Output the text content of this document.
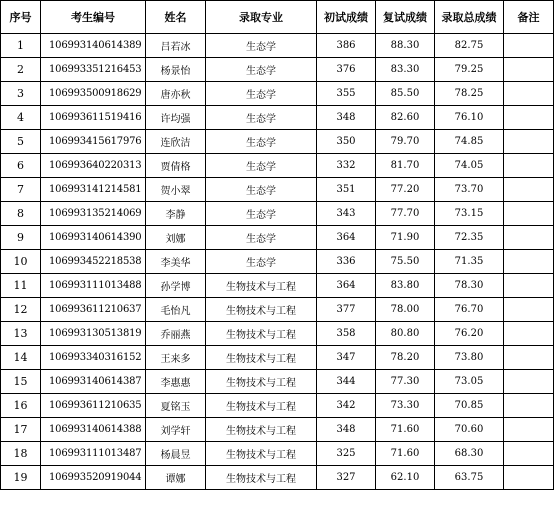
序号	考生编号	姓名	录取专业	初试成绩	复试成绩	录取总成绩	备注
1	106993140614389	吕若冰	生态学	386	88.30	82.75	
2	106993351216453	杨景怡	生态学	376	83.30	79.25	
3	106993500918629	唐亦秋	生态学	355	85.50	78.25	
4	106993611519416	许均强	生态学	348	82.60	76.10	
5	106993415617976	连欣洁	生态学	350	79.70	74.85	
6	106993640220313	贾倩格	生态学	332	81.70	74.05	
7	106993141214581	贺小翠	生态学	351	77.20	73.70	
8	106993135214069	李静	生态学	343	77.70	73.15	
9	106993140614390	刘娜	生态学	364	71.90	72.35	
10	106993452218538	李美华	生态学	336	75.50	71.35	
11	106993111013488	孙学博	生物技术与工程	364	83.80	78.30	
12	106993611210637	毛怡凡	生物技术与工程	377	78.00	76.70	
13	106993130513819	乔丽燕	生物技术与工程	358	80.80	76.20	
14	106993340316152	王来多	生物技术与工程	347	78.20	73.80	
15	106993140614387	李惠惠	生物技术与工程	344	77.30	73.05	
16	106993611210635	夏铭玉	生物技术与工程	342	73.30	70.85	
17	106993140614388	刘学轩	生物技术与工程	348	71.60	70.60	
18	106993111013487	杨晨昱	生物技术与工程	325	71.60	68.30	
19	106993520919044	谭娜	生物技术与工程	327	62.10	63.75	
